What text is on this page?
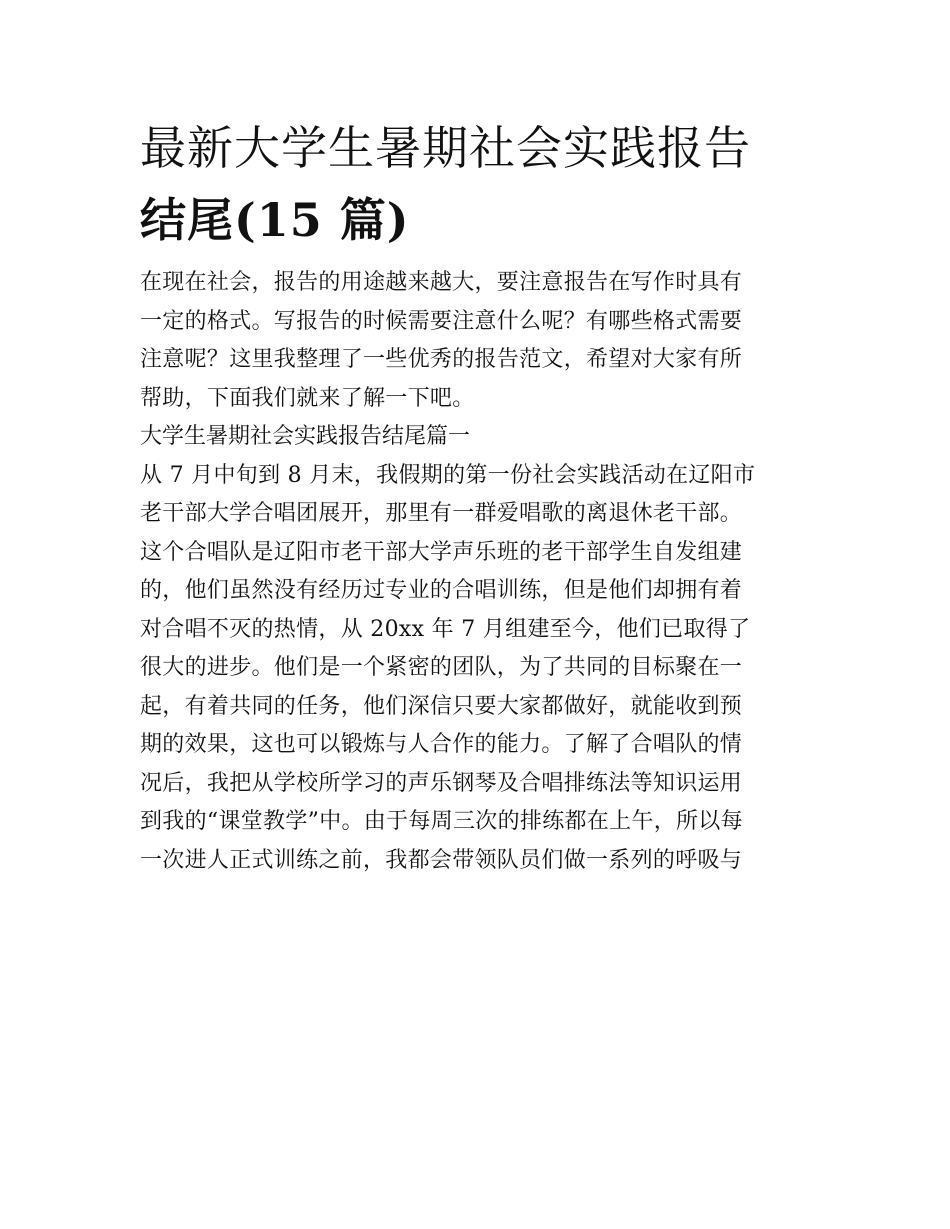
最新大学生暑期社会实践报告
结尾(15 篇)
在现在社会，报告的用途越来越大，要注意报告在写作时具有
一定的格式。写报告的时候需要注意什么呢？有哪些格式需要
注意呢？这里我整理了一些优秀的报告范文，希望对大家有所
帮助，下面我们就来了解一下吧。
大学生暑期社会实践报告结尾篇一
从 7 月中旬到 8 月末，我假期的第一份社会实践活动在辽阳市
老干部大学合唱团展开，那里有一群爱唱歌的离退休老干部。
这个合唱队是辽阳市老干部大学声乐班的老干部学生自发组建
的，他们虽然没有经历过专业的合唱训练，但是他们却拥有着
对合唱不灭的热情，从 20xx 年 7 月组建至今，他们已取得了
很大的进步。他们是一个紧密的团队，为了共同的目标聚在一
起，有着共同的任务，他们深信只要大家都做好，就能收到预
期的效果，这也可以锻炼与人合作的能力。了解了合唱队的情
况后，我把从学校所学习的声乐钢琴及合唱排练法等知识运用
到我的“课堂教学”中。由于每周三次的排练都在上午，所以每
一次进人正式训练之前，我都会带领队员们做一系列的呼吸与
